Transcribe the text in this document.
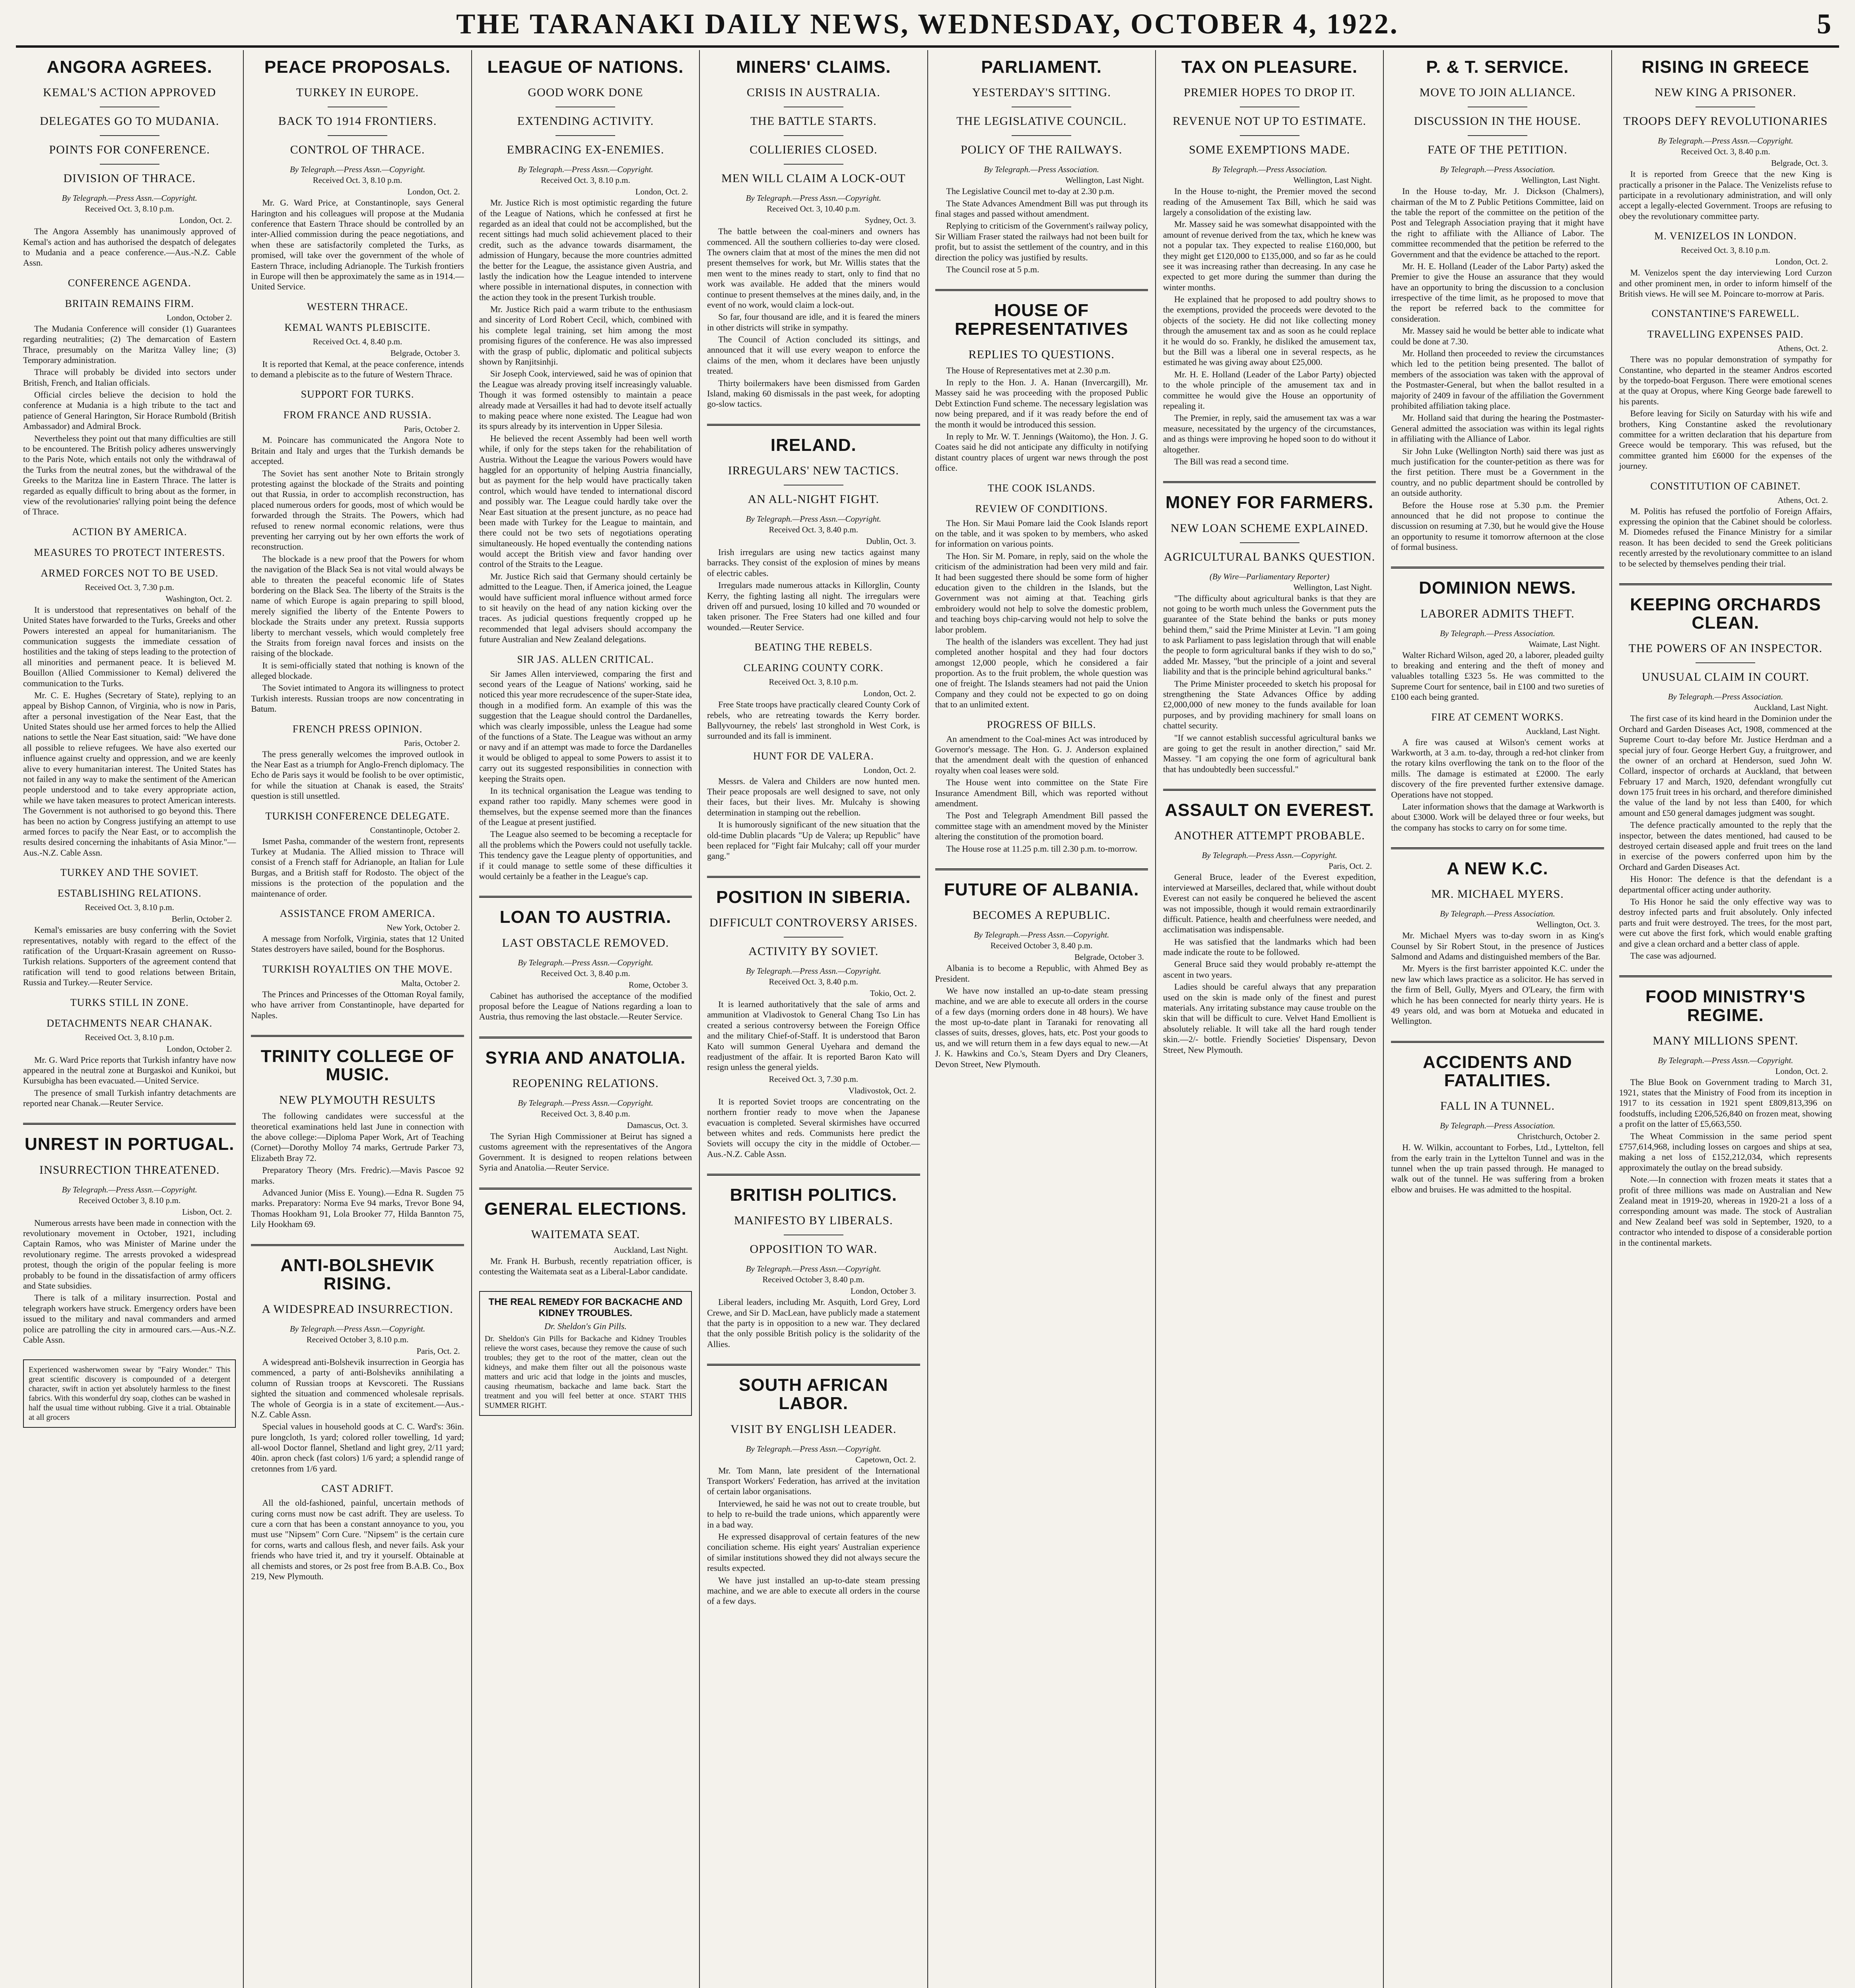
THE TARANAKI DAILY NEWS, WEDNESDAY, OCTOBER 4, 1922.	5
ANGORA AGREES.
KEMAL'S ACTION APPROVED
DELEGATES GO TO MUDANIA.
POINTS FOR CONFERENCE.
DIVISION OF THRACE.
By Telegraph.—Press Assn.—Copyright.
Received Oct. 3, 8.10 p.m.
London, Oct. 2.

The Angora Assembly has unanimously approved of Kemal's action and has authorised the despatch of delegates to Mudania and a peace conference.—Aus.-N.Z. Cable Assn.

CONFERENCE AGENDA.
BRITAIN REMAINS FIRM.
London, October 2.

The Mudania Conference will consider (1) Guarantees regarding neutralities; (2) The demarcation of Eastern Thrace, presumably on the Maritza Valley line; (3) Temporary administration.

Thrace will probably be divided into sectors under British, French, and Italian officials.

Official circles believe the decision to hold the conference at Mudania is a high tribute to the tact and patience of General Harington, Sir Horace Rumbold (British Ambassador) and Admiral Brock.

Nevertheless they point out that many difficulties are still to be encountered. The British policy adheres unswervingly to the Paris Note, which entails not only the withdrawal of the Turks from the neutral zones, but the withdrawal of the Greeks to the Maritza line in Eastern Thrace. The latter is regarded as equally difficult to bring about as the former, in view of the revolutionaries' rallying point being the defence of Thrace.

ACTION BY AMERICA.
MEASURES TO PROTECT INTERESTS.
ARMED FORCES NOT TO BE USED.
Received Oct. 3, 7.30 p.m.
Washington, Oct. 2.

It is understood that representatives on behalf of the United States have forwarded to the Turks, Greeks and other Powers interested an appeal for humanitarianism. The communication suggests the immediate cessation of hostilities and the taking of steps leading to the protection of all minorities and permanent peace. It is believed M. Bouillon (Allied Commissioner to Kemal) delivered the communication to the Turks.

Mr. C. E. Hughes (Secretary of State), replying to an appeal by Bishop Cannon, of Virginia, who is now in Paris, after a personal investigation of the Near East, that the United States should use her armed forces to help the Allied nations to settle the Near East situation, said: "We have done all possible to relieve refugees. We have also exerted our influence against cruelty and oppression, and we are keenly alive to every humanitarian interest. The United States has not failed in any way to make the sentiment of the American people understood and to take every appropriate action, while we have taken measures to protect American interests. The Government is not authorised to go beyond this. There has been no action by Congress justifying an attempt to use armed forces to pacify the Near East, or to accomplish the results desired concerning the inhabitants of Asia Minor."—Aus.-N.Z. Cable Assn.

TURKEY AND THE SOVIET.
ESTABLISHING RELATIONS.
Received Oct. 3, 8.10 p.m.
Berlin, October 2.

Kemal's emissaries are busy conferring with the Soviet representatives, notably with regard to the effect of the ratification of the Urquart-Krasain agreement on Russo-Turkish relations. Supporters of the agreement contend that ratification will tend to good relations between Britain, Russia and Turkey.—Reuter Service.

TURKS STILL IN ZONE.
DETACHMENTS NEAR CHANAK.
Received Oct. 3, 8.10 p.m.
London, October 2.

Mr. G. Ward Price reports that Turkish infantry have now appeared in the neutral zone at Burgaskoi and Kunikoi, but Kursubigha has been evacuated.—United Service.

The presence of small Turkish infantry detachments are reported near Chanak.—Reuter Service.

UNREST IN PORTUGAL.
INSURRECTION THREATENED.
By Telegraph.—Press Assn.—Copyright.
Received October 3, 8.10 p.m.
Lisbon, Oct. 2.

Numerous arrests have been made in connection with the revolutionary movement in October, 1921, including Captain Ramos, who was Minister of Marine under the revolutionary regime. The arrests provoked a widespread protest, though the origin of the popular feeling is more probably to be found in the dissatisfaction of army officers and State subsidies.

There is talk of a military insurrection. Postal and telegraph workers have struck. Emergency orders have been issued to the military and naval commanders and armed police are patrolling the city in armoured cars.—Aus.-N.Z. Cable Assn.

Experienced washerwomen swear by "Fairy Wonder." This great scientific discovery is compounded of a detergent character, swift in action yet absolutely harmless to the finest fabrics. With this wonderful dry soap, clothes can be washed in half the usual time without rubbing. Give it a trial. Obtainable at all grocers
PEACE PROPOSALS.
TURKEY IN EUROPE.
BACK TO 1914 FRONTIERS.
CONTROL OF THRACE.
By Telegraph.—Press Assn.—Copyright.
Received Oct. 3, 8.10 p.m.
London, Oct. 2.

Mr. G. Ward Price, at Constantinople, says General Harington and his colleagues will propose at the Mudania conference that Eastern Thrace should be controlled by an inter-Allied commission during the peace negotiations, and when these are satisfactorily completed the Turks, as promised, will take over the government of the whole of Eastern Thrace, including Adrianople. The Turkish frontiers in Europe will then be approximately the same as in 1914.—United Service.

WESTERN THRACE.
KEMAL WANTS PLEBISCITE.
Received Oct. 4, 8.40 p.m.
Belgrade, October 3.

It is reported that Kemal, at the peace conference, intends to demand a plebiscite as to the future of Western Thrace.

SUPPORT FOR TURKS.
FROM FRANCE AND RUSSIA.
Paris, October 2.

M. Poincare has communicated the Angora Note to Britain and Italy and urges that the Turkish demands be accepted.

The Soviet has sent another Note to Britain strongly protesting against the blockade of the Straits and pointing out that Russia, in order to accomplish reconstruction, has placed numerous orders for goods, most of which would be forwarded through the Straits. The Powers, which had refused to renew normal economic relations, were thus preventing her carrying out by her own efforts the work of reconstruction.

The blockade is a new proof that the Powers for whom the navigation of the Black Sea is not vital would always be able to threaten the peaceful economic life of States bordering on the Black Sea. The liberty of the Straits is the name of which Europe is again preparing to spill blood, merely signified the liberty of the Entente Powers to blockade the Straits under any pretext. Russia supports liberty to merchant vessels, which would completely free the Straits from foreign naval forces and insists on the raising of the blockade.

It is semi-officially stated that nothing is known of the alleged blockade.

The Soviet intimated to Angora its willingness to protect Turkish interests. Russian troops are now concentrating in Batum.

FRENCH PRESS OPINION.
Paris, October 2.

The press generally welcomes the improved outlook in the Near East as a triumph for Anglo-French diplomacy. The Echo de Paris says it would be foolish to be over optimistic, for while the situation at Chanak is eased, the Straits' question is still unsettled.

TURKISH CONFERENCE DELEGATE.
Constantinople, October 2.

Ismet Pasha, commander of the western front, represents Turkey at Mudania. The Allied mission to Thrace will consist of a French staff for Adrianople, an Italian for Lule Burgas, and a British staff for Rodosto. The object of the missions is the protection of the population and the maintenance of order.

ASSISTANCE FROM AMERICA.
New York, October 2.

A message from Norfolk, Virginia, states that 12 United States destroyers have sailed, bound for the Bosphorus.

TURKISH ROYALTIES ON THE MOVE.
Malta, October 2.

The Princes and Princesses of the Ottoman Royal family, who have arriver from Constantinople, have departed for Naples.

TRINITY COLLEGE OF MUSIC.
NEW PLYMOUTH RESULTS

The following candidates were successful at the theoretical examinations held last June in connection with the above college:—Diploma Paper Work, Art of Teaching (Cornet)—Dorothy Molloy 74 marks, Gertrude Parker 73, Elizabeth Bray 72.

Preparatory Theory (Mrs. Fredric).—Mavis Pascoe 92 marks.

Advanced Junior (Miss E. Young).—Edna R. Sugden 75 marks. Preparatory: Norma Eve 94 marks, Trevor Bone 94, Thomas Hookham 91, Lola Brooker 77, Hilda Bannton 75, Lily Hookham 69.

ANTI-BOLSHEVIK RISING.
A WIDESPREAD INSURRECTION.
By Telegraph.—Press Assn.—Copyright.
Received October 3, 8.10 p.m.
Paris, Oct. 2.

A widespread anti-Bolshevik insurrection in Georgia has commenced, a party of anti-Bolsheviks annihilating a column of Russian troops at Kevscoreti. The Russians sighted the situation and commenced wholesale reprisals. The whole of Georgia is in a state of excitement.—Aus.-N.Z. Cable Assn.

Special values in household goods at C. C. Ward's: 36in. pure longcloth, 1s yard; colored roller towelling, 1d yard; all-wool Doctor flannel, Shetland and light grey, 2/11 yard; 40in. apron check (fast colors) 1/6 yard; a splendid range of cretonnes from 1/6 yard.

CAST ADRIFT.

All the old-fashioned, painful, uncertain methods of curing corns must now be cast adrift. They are useless. To cure a corn that has been a constant annoyance to you, you must use "Nipsem" Corn Cure. "Nipsem" is the certain cure for corns, warts and callous flesh, and never fails. Ask your friends who have tried it, and try it yourself. Obtainable at all chemists and stores, or 2s post free from B.A.B. Co., Box 219, New Plymouth.

LEAGUE OF NATIONS.
GOOD WORK DONE
EXTENDING ACTIVITY.
EMBRACING EX-ENEMIES.
By Telegraph.—Press Assn.—Copyright.
Received Oct. 3, 8.10 p.m.
London, Oct. 2.

Mr. Justice Rich is most optimistic regarding the future of the League of Nations, which he confessed at first he regarded as an ideal that could not be accomplished, but the recent sittings had much solid achievement placed to their credit, such as the advance towards disarmament, the admission of Hungary, because the more countries admitted the better for the League, the assistance given Austria, and lastly the indication how the League intended to intervene where possible in international disputes, in connection with the action they took in the present Turkish trouble.

Mr. Justice Rich paid a warm tribute to the enthusiasm and sincerity of Lord Robert Cecil, which, combined with his complete legal training, set him among the most promising figures of the conference. He was also impressed with the grasp of public, diplomatic and political subjects shown by Ranjitsinhji.

Sir Joseph Cook, interviewed, said he was of opinion that the League was already proving itself increasingly valuable. Though it was formed ostensibly to maintain a peace already made at Versailles it had had to devote itself actually to making peace where none existed. The League had won its spurs already by its intervention in Upper Silesia.

He believed the recent Assembly had been well worth while, if only for the steps taken for the rehabilitation of Austria. Without the League the various Powers would have haggled for an opportunity of helping Austria financially, but as payment for the help would have practically taken control, which would have tended to international discord and possibly war. The League could hardly take over the Near East situation at the present juncture, as no peace had been made with Turkey for the League to maintain, and there could not be two sets of negotiations operating simultaneously. He hoped eventually the contending nations would accept the British view and favor handing over control of the Straits to the League.

Mr. Justice Rich said that Germany should certainly be admitted to the League. Then, if America joined, the League would have sufficient moral influence without armed force to sit heavily on the head of any nation kicking over the traces. As judicial questions frequently cropped up he recommended that legal advisers should accompany the future Australian and New Zealand delegations.

SIR JAS. ALLEN CRITICAL.

Sir James Allen interviewed, comparing the first and second years of the League of Nations' working, said he noticed this year more recrudescence of the super-State idea, though in a modified form. An example of this was the suggestion that the League should control the Dardanelles, which was clearly impossible, unless the League had some of the functions of a State. The League was without an army or navy and if an attempt was made to force the Dardanelles it would be obliged to appeal to some Powers to assist it to carry out its suggested responsibilities in connection with keeping the Straits open.

In its technical organisation the League was tending to expand rather too rapidly. Many schemes were good in themselves, but the expense seemed more than the finances of the League at present justified.

The League also seemed to be becoming a receptacle for all the problems which the Powers could not usefully tackle. This tendency gave the League plenty of opportunities, and if it could manage to settle some of these difficulties it would certainly be a feather in the League's cap.

LOAN TO AUSTRIA.
LAST OBSTACLE REMOVED.
By Telegraph.—Press Assn.—Copyright.
Received Oct. 3, 8.40 p.m.
Rome, October 3.

Cabinet has authorised the acceptance of the modified proposal before the League of Nations regarding a loan to Austria, thus removing the last obstacle.—Reuter Service.

SYRIA AND ANATOLIA.
REOPENING RELATIONS.
By Telegraph.—Press Assn.—Copyright.
Received Oct. 3, 8.40 p.m.
Damascus, Oct. 3.

The Syrian High Commissioner at Beirut has signed a customs agreement with the representatives of the Angora Government. It is designed to reopen relations between Syria and Anatolia.—Reuter Service.

GENERAL ELECTIONS.
WAITEMATA SEAT.
Auckland, Last Night.

Mr. Frank H. Burbush, recently repatriation officer, is contesting the Waitemata seat as a Liberal-Labor candidate.

THE REAL REMEDY FOR BACKACHE AND KIDNEY TROUBLES.
Dr. Sheldon's Gin Pills.
Dr. Sheldon's Gin Pills for Backache and Kidney Troubles relieve the worst cases, because they remove the cause of such troubles; they get to the root of the matter, clean out the kidneys, and make them filter out all the poisonous waste matters and uric acid that lodge in the joints and muscles, causing rheumatism, backache and lame back. Start the treatment and you will feel better at once. START THIS SUMMER RIGHT.
MINERS' CLAIMS.
CRISIS IN AUSTRALIA.
THE BATTLE STARTS.
COLLIERIES CLOSED.
MEN WILL CLAIM A LOCK-OUT
By Telegraph.—Press Assn.—Copyright.
Received Oct. 3, 10.40 p.m.
Sydney, Oct. 3.

The battle between the coal-miners and owners has commenced. All the southern collieries to-day were closed. The owners claim that at most of the mines the men did not present themselves for work, but Mr. Willis states that the men went to the mines ready to start, only to find that no work was available. He added that the miners would continue to present themselves at the mines daily, and, in the event of no work, would claim a lock-out.

So far, four thousand are idle, and it is feared the miners in other districts will strike in sympathy.

The Council of Action concluded its sittings, and announced that it will use every weapon to enforce the claims of the men, whom it declares have been unjustly treated.

Thirty boilermakers have been dismissed from Garden Island, making 60 dismissals in the past week, for adopting go-slow tactics.

IRELAND.
IRREGULARS' NEW TACTICS.
AN ALL-NIGHT FIGHT.
By Telegraph.—Press Assn.—Copyright.
Received Oct. 3, 8.40 p.m.
Dublin, Oct. 3.

Irish irregulars are using new tactics against many barracks. They consist of the explosion of mines by means of electric cables.

Irregulars made numerous attacks in Killorglin, County Kerry, the fighting lasting all night. The irregulars were driven off and pursued, losing 10 killed and 70 wounded or taken prisoner. The Free Staters had one killed and four wounded.—Reuter Service.

BEATING THE REBELS.
CLEARING COUNTY CORK.
Received Oct. 3, 8.10 p.m.
London, Oct. 2.

Free State troops have practically cleared County Cork of rebels, who are retreating towards the Kerry border. Ballyvourney, the rebels' last stronghold in West Cork, is surrounded and its fall is imminent.

HUNT FOR DE VALERA.
London, Oct. 2.

Messrs. de Valera and Childers are now hunted men. Their peace proposals are well designed to save, not only their faces, but their lives. Mr. Mulcahy is showing determination in stamping out the rebellion.

It is humorously significant of the new situation that the old-time Dublin placards "Up de Valera; up Republic" have been replaced for "Fight fair Mulcahy; call off your murder gang."

POSITION IN SIBERIA.
DIFFICULT CONTROVERSY ARISES.
ACTIVITY BY SOVIET.
By Telegraph.—Press Assn.—Copyright.
Received Oct. 3, 8.40 p.m.
Tokio, Oct. 2.

It is learned authoritatively that the sale of arms and ammunition at Vladivostok to General Chang Tso Lin has created a serious controversy between the Foreign Office and the military Chief-of-Staff. It is understood that Baron Kato will summon General Uyehara and demand the readjustment of the affair. It is reported Baron Kato will resign unless the general yields.

Received Oct. 3, 7.30 p.m.
Vladivostok, Oct. 2.

It is reported Soviet troops are concentrating on the northern frontier ready to move when the Japanese evacuation is completed. Several skirmishes have occurred between whites and reds. Communists here predict the Soviets will occupy the city in the middle of October.—Aus.-N.Z. Cable Assn.

BRITISH POLITICS.
MANIFESTO BY LIBERALS.
OPPOSITION TO WAR.
By Telegraph.—Press Assn.—Copyright.
Received October 3, 8.40 p.m.
London, October 3.

Liberal leaders, including Mr. Asquith, Lord Grey, Lord Crewe, and Sir D. MacLean, have publicly made a statement that the party is in opposition to a new war. They declared that the only possible British policy is the solidarity of the Allies.

SOUTH AFRICAN LABOR.
VISIT BY ENGLISH LEADER.
By Telegraph.—Press Assn.—Copyright.
Capetown, Oct. 2.

Mr. Tom Mann, late president of the International Transport Workers' Federation, has arrived at the invitation of certain labor organisations.

Interviewed, he said he was not out to create trouble, but to help to re-build the trade unions, which apparently were in a bad way.

He expressed disapproval of certain features of the new conciliation scheme. His eight years' Australian experience of similar institutions showed they did not always secure the results expected.

We have just installed an up-to-date steam pressing machine, and we are able to execute all orders in the course of a few days.

PARLIAMENT.
YESTERDAY'S SITTING.
THE LEGISLATIVE COUNCIL.
POLICY OF THE RAILWAYS.
By Telegraph.—Press Association.
Wellington, Last Night.

The Legislative Council met to-day at 2.30 p.m.

The State Advances Amendment Bill was put through its final stages and passed without amendment.

Replying to criticism of the Government's railway policy, Sir William Fraser stated the railways had not been built for profit, but to assist the settlement of the country, and in this direction the policy was justified by results.

The Council rose at 5 p.m.

HOUSE OF REPRESENTATIVES
REPLIES TO QUESTIONS.

The House of Representatives met at 2.30 p.m.

In reply to the Hon. J. A. Hanan (Invercargill), Mr. Massey said he was proceeding with the proposed Public Debt Extinction Fund scheme. The necessary legislation was now being prepared, and if it was ready before the end of the month it would be introduced this session.

In reply to Mr. W. T. Jennings (Waitomo), the Hon. J. G. Coates said he did not anticipate any difficulty in notifying distant country places of urgent war news through the post office.

THE COOK ISLANDS.
REVIEW OF CONDITIONS.

The Hon. Sir Maui Pomare laid the Cook Islands report on the table, and it was spoken to by members, who asked for information on various points.

The Hon. Sir M. Pomare, in reply, said on the whole the criticism of the administration had been very mild and fair. It had been suggested there should be some form of higher education given to the children in the Islands, but the Government was not aiming at that. Teaching girls embroidery would not help to solve the domestic problem, and teaching boys chip-carving would not help to solve the labor problem.

The health of the islanders was excellent. They had just completed another hospital and they had four doctors amongst 12,000 people, which he considered a fair proportion. As to the fruit problem, the whole question was one of freight. The Islands steamers had not paid the Union Company and they could not be expected to go on doing that to an unlimited extent.

PROGRESS OF BILLS.

An amendment to the Coal-mines Act was introduced by Governor's message. The Hon. G. J. Anderson explained that the amendment dealt with the question of enhanced royalty when coal leases were sold.

The House went into committee on the State Fire Insurance Amendment Bill, which was reported without amendment.

The Post and Telegraph Amendment Bill passed the committee stage with an amendment moved by the Minister altering the constitution of the promotion board.

The House rose at 11.25 p.m. till 2.30 p.m. to-morrow.

FUTURE OF ALBANIA.
BECOMES A REPUBLIC.
By Telegraph.—Press Assn.—Copyright.
Received October 3, 8.40 p.m.
Belgrade, October 3.

Albania is to become a Republic, with Ahmed Bey as President.

We have now installed an up-to-date steam pressing machine, and we are able to execute all orders in the course of a few days (morning orders done in 48 hours). We have the most up-to-date plant in Taranaki for renovating all classes of suits, dresses, gloves, hats, etc. Post your goods to us, and we will return them in a few days equal to new.—At J. K. Hawkins and Co.'s, Steam Dyers and Dry Cleaners, Devon Street, New Plymouth.

TAX ON PLEASURE.
PREMIER HOPES TO DROP IT.
REVENUE NOT UP TO ESTIMATE.
SOME EXEMPTIONS MADE.
By Telegraph.—Press Association.
Wellington, Last Night.

In the House to-night, the Premier moved the second reading of the Amusement Tax Bill, which he said was largely a consolidation of the existing law.

Mr. Massey said he was somewhat disappointed with the amount of revenue derived from the tax, which he knew was not a popular tax. They expected to realise £160,000, but they might get £120,000 to £135,000, and so far as he could see it was increasing rather than decreasing. In any case he expected to get more during the summer than during the winter months.

He explained that he proposed to add poultry shows to the exemptions, provided the proceeds were devoted to the objects of the society. He did not like collecting money through the amusement tax and as soon as he could replace it he would do so. Frankly, he disliked the amusement tax, but the Bill was a liberal one in several respects, as he estimated he was giving away about £25,000.

Mr. H. E. Holland (Leader of the Labor Party) objected to the whole principle of the amusement tax and in committee he would give the House an opportunity of repealing it.

The Premier, in reply, said the amusement tax was a war measure, necessitated by the urgency of the circumstances, and as things were improving he hoped soon to do without it altogether.

The Bill was read a second time.

MONEY FOR FARMERS.
NEW LOAN SCHEME EXPLAINED.
AGRICULTURAL BANKS QUESTION.
(By Wire—Parliamentary Reporter)
Wellington, Last Night.

"The difficulty about agricultural banks is that they are not going to be worth much unless the Government puts the guarantee of the State behind the banks or puts money behind them," said the Prime Minister at Levin. "I am going to ask Parliament to pass legislation through that will enable the people to form agricultural banks if they wish to do so," added Mr. Massey, "but the principle of a joint and several liability and that is the principle behind agricultural banks."

The Prime Minister proceeded to sketch his proposal for strengthening the State Advances Office by adding £2,000,000 of new money to the funds available for loan purposes, and by providing machinery for small loans on chattel security.

"If we cannot establish successful agricultural banks we are going to get the result in another direction," said Mr. Massey. "I am copying the one form of agricultural bank that has undoubtedly been successful."

ASSAULT ON EVEREST.
ANOTHER ATTEMPT PROBABLE.
By Telegraph.—Press Assn.—Copyright.
Paris, Oct. 2.

General Bruce, leader of the Everest expedition, interviewed at Marseilles, declared that, while without doubt Everest can not easily be conquered he believed the ascent was not impossible, though it would remain extraordinarily difficult. Patience, health and cheerfulness were needed, and acclimatisation was indispensable.

He was satisfied that the landmarks which had been made indicate the route to be followed.

General Bruce said they would probably re-attempt the ascent in two years.

Ladies should be careful always that any preparation used on the skin is made only of the finest and purest materials. Any irritating substance may cause trouble on the skin that will be difficult to cure. Velvet Hand Emollient is absolutely reliable. It will take all the hard rough tender skin.—2/- bottle. Friendly Societies' Dispensary, Devon Street, New Plymouth.

P. & T. SERVICE.
MOVE TO JOIN ALLIANCE.
DISCUSSION IN THE HOUSE.
FATE OF THE PETITION.
By Telegraph.—Press Association.
Wellington, Last Night.

In the House to-day, Mr. J. Dickson (Chalmers), chairman of the M to Z Public Petitions Committee, laid on the table the report of the committee on the petition of the Post and Telegraph Association praying that it might have the right to affiliate with the Alliance of Labor. The committee recommended that the petition be referred to the Government and that the evidence be attached to the report.

Mr. H. E. Holland (Leader of the Labor Party) asked the Premier to give the House an assurance that they would have an opportunity to bring the discussion to a conclusion irrespective of the time limit, as he proposed to move that the report be referred back to the committee for consideration.

Mr. Massey said he would be better able to indicate what could be done at 7.30.

Mr. Holland then proceeded to review the circumstances which led to the petition being presented. The ballot of members of the association was taken with the approval of the Postmaster-General, but when the ballot resulted in a majority of 2409 in favour of the affiliation the Government prohibited affiliation taking place.

Mr. Holland said that during the hearing the Postmaster-General admitted the association was within its legal rights in affiliating with the Alliance of Labor.

Sir John Luke (Wellington North) said there was just as much justification for the counter-petition as there was for the first petition. There must be a Government in the country, and no public department should be controlled by an outside authority.

Before the House rose at 5.30 p.m. the Premier announced that he did not propose to continue the discussion on resuming at 7.30, but he would give the House an opportunity to resume it tomorrow afternoon at the close of formal business.

DOMINION NEWS.
LABORER ADMITS THEFT.
By Telegraph.—Press Association.
Waimate, Last Night.

Walter Richard Wilson, aged 20, a laborer, pleaded guilty to breaking and entering and the theft of money and valuables totalling £323 5s. He was committed to the Supreme Court for sentence, bail in £100 and two sureties of £100 each being granted.

FIRE AT CEMENT WORKS.
Auckland, Last Night.

A fire was caused at Wilson's cement works at Warkworth, at 3 a.m. to-day, through a red-hot clinker from the rotary kilns overflowing the tank on to the floor of the mills. The damage is estimated at £2000. The early discovery of the fire prevented further extensive damage. Operations have not stopped.

Later information shows that the damage at Warkworth is about £3000. Work will be delayed three or four weeks, but the company has stocks to carry on for some time.

A NEW K.C.
MR. MICHAEL MYERS.
By Telegraph.—Press Association.
Wellington, Oct. 3.

Mr. Michael Myers was to-day sworn in as King's Counsel by Sir Robert Stout, in the presence of Justices Salmond and Adams and distinguished members of the Bar.

Mr. Myers is the first barrister appointed K.C. under the new law which laws practice as a solicitor. He has served in the firm of Bell, Gully, Myers and O'Leary, the firm with which he has been connected for nearly thirty years. He is 49 years old, and was born at Motueka and educated in Wellington.

ACCIDENTS AND FATALITIES.
FALL IN A TUNNEL.
By Telegraph.—Press Association.
Christchurch, October 2.

H. W. Wilkin, accountant to Forbes, Ltd., Lyttelton, fell from the early train in the Lyttelton Tunnel and was in the tunnel when the up train passed through. He managed to walk out of the tunnel. He was suffering from a broken elbow and bruises. He was admitted to the hospital.

RISING IN GREECE
NEW KING A PRISONER.
TROOPS DEFY REVOLUTIONARIES
By Telegraph.—Press Assn.—Copyright.
Received Oct. 3, 8.40 p.m.
Belgrade, Oct. 3.

It is reported from Greece that the new King is practically a prisoner in the Palace. The Venizelists refuse to participate in a revolutionary administration, and will only accept a legally-elected Government. Troops are refusing to obey the revolutionary committee party.

M. VENIZELOS IN LONDON.
Received Oct. 3, 8.10 p.m.
London, Oct. 2.

M. Venizelos spent the day interviewing Lord Curzon and other prominent men, in order to inform himself of the British views. He will see M. Poincare to-morrow at Paris.

CONSTANTINE'S FAREWELL.
TRAVELLING EXPENSES PAID.
Athens, Oct. 2.

There was no popular demonstration of sympathy for Constantine, who departed in the steamer Andros escorted by the torpedo-boat Ferguson. There were emotional scenes at the quay at Oropus, where King George bade farewell to his parents.

Before leaving for Sicily on Saturday with his wife and brothers, King Constantine asked the revolutionary committee for a written declaration that his departure from Greece would be temporary. This was refused, but the committee granted him £6000 for the expenses of the journey.

CONSTITUTION OF CABINET.
Athens, Oct. 2.

M. Politis has refused the portfolio of Foreign Affairs, expressing the opinion that the Cabinet should be colorless. M. Diomedes refused the Finance Ministry for a similar reason. It has been decided to send the Greek politicians recently arrested by the revolutionary committee to an island to be selected by themselves pending their trial.

KEEPING ORCHARDS CLEAN.
THE POWERS OF AN INSPECTOR.
UNUSUAL CLAIM IN COURT.
By Telegraph.—Press Association.
Auckland, Last Night.

The first case of its kind heard in the Dominion under the Orchard and Garden Diseases Act, 1908, commenced at the Supreme Court to-day before Mr. Justice Herdman and a special jury of four. George Herbert Guy, a fruitgrower, and the owner of an orchard at Henderson, sued John W. Collard, inspector of orchards at Auckland, that between February 17 and March, 1920, defendant wrongfully cut down 175 fruit trees in his orchard, and therefore diminished the value of the land by not less than £400, for which amount and £50 general damages judgment was sought.

The defence practically amounted to the reply that the inspector, between the dates mentioned, had caused to be destroyed certain diseased apple and fruit trees on the land in exercise of the powers conferred upon him by the Orchard and Garden Diseases Act.

His Honor: The defence is that the defendant is a departmental officer acting under authority.

To His Honor he said the only effective way was to destroy infected parts and fruit absolutely. Only infected parts and fruit were destroyed. The trees, for the most part, were cut above the first fork, which would enable grafting and give a clean orchard and a better class of apple.

The case was adjourned.

FOOD MINISTRY'S REGIME.
MANY MILLIONS SPENT.
By Telegraph.—Press Assn.—Copyright.
London, Oct. 2.

The Blue Book on Government trading to March 31, 1921, states that the Ministry of Food from its inception in 1917 to its cessation in 1921 spent £809,813,396 on foodstuffs, including £206,526,840 on frozen meat, showing a profit on the latter of £5,663,550.

The Wheat Commission in the same period spent £757,614,968, including losses on cargoes and ships at sea, making a net loss of £152,212,034, which represents approximately the outlay on the bread subsidy.

Note.—In connection with frozen meats it states that a profit of three millions was made on Australian and New Zealand meat in 1919-20, whereas in 1920-21 a loss of a corresponding amount was made. The stock of Australian and New Zealand beef was sold in September, 1920, to a contractor who intended to dispose of a considerable portion in the continental markets.
